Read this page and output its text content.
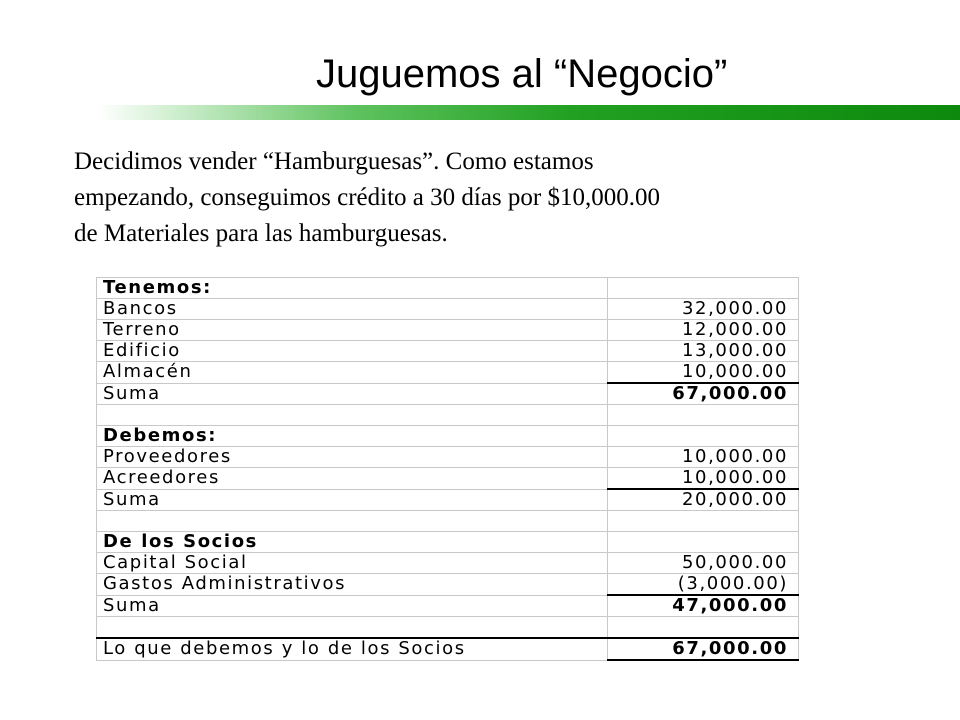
Juguemos al “Negocio”
Decidimos vender “Hamburguesas”. Como estamos
empezando, conseguimos crédito a 30 días por $10,000.00
de Materiales para las hamburguesas.
Tenemos:	
Bancos	32,000.00
Terreno	12,000.00
Edificio	13,000.00
Almacén	10,000.00
Suma	67,000.00

Debemos:	
Proveedores	10,000.00
Acreedores	10,000.00
Suma	20,000.00

De los Socios	
Capital Social	50,000.00
Gastos Administrativos	(3,000.00)
Suma	47,000.00

Lo que debemos y lo de los Socios	67,000.00
